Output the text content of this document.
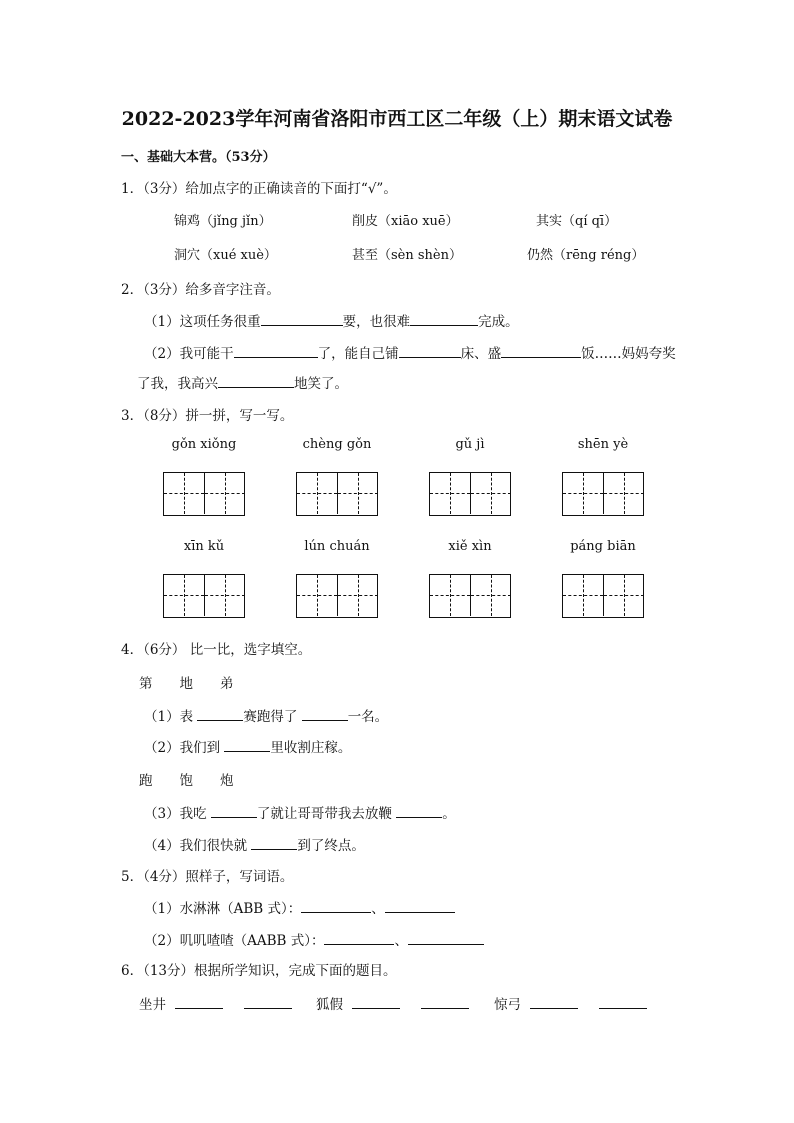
2022-2023学年河南省洛阳市西工区二年级（上）期末语文试卷
一、基础大本营。（53分）
1．（3分）给加点字的正确读音的下面打“√”。
锦鸡（jǐng jǐn）	削皮（xiāo xuē）	其实（qí qī）
洞穴（xué xuè）	甚至（sèn shèn）	仍然（rēng réng）
2．（3分）给多音字注音。
（1）这项任务很重	要，也很难	完成。
（2）我可能干	了，能自己铺	床、盛	饭……妈妈夸奖
了我，我高兴	地笑了。
3．（8分）拼一拼，写一写。
gǒn xiǒng	chèng gǒn	gǔ jì	shēn yè
xīn kǔ	lún chuán	xiě xìn	páng biān
4．（6分） 比一比，选字填空。
第　　地　　弟
（1）表	赛跑得了	一名。
（2）我们到	里收割庄稼。
跑　　饱　　炮
（3）我吃	了就让哥哥带我去放鞭	。
（4）我们很快就	到了终点。
5．（4分）照样子，写词语。
（1）水淋淋（ABB 式）：	、
（2）叽叽喳喳（AABB 式）：	、
6．（13分）根据所学知识，完成下面的题目。
坐井	狐假	惊弓
